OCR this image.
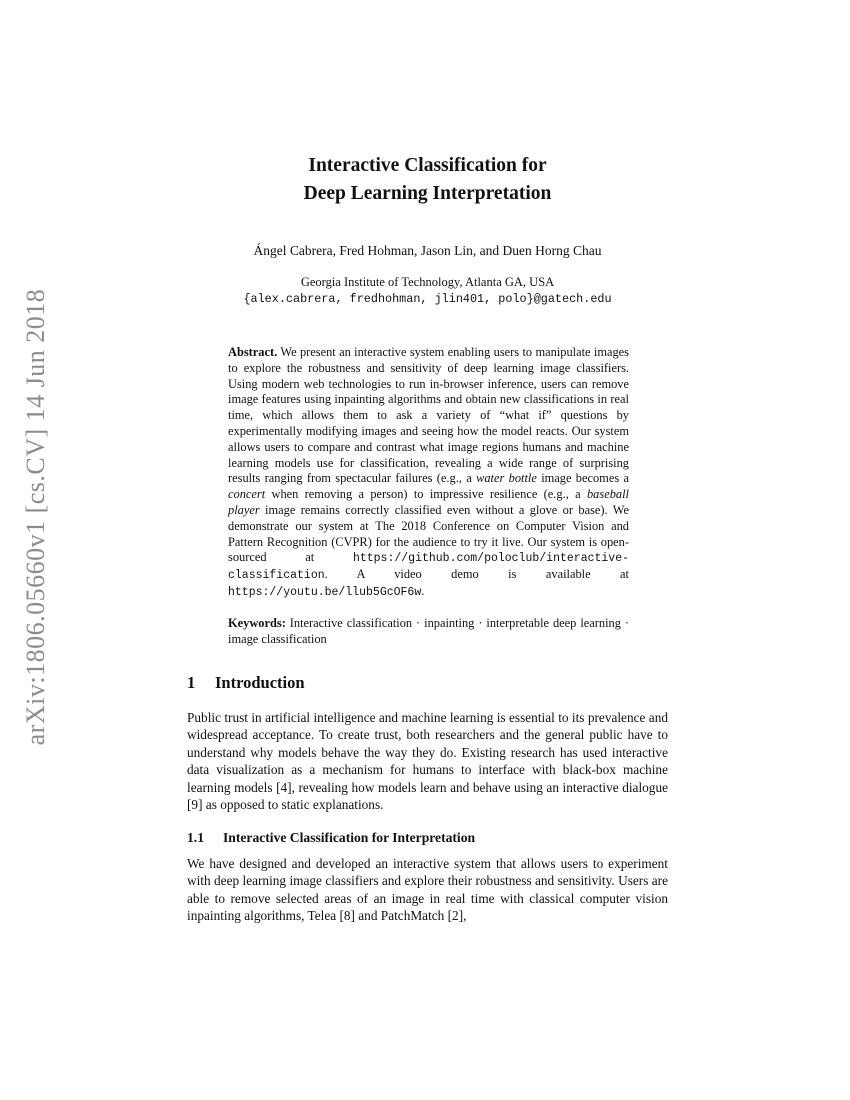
arXiv:1806.05660v1 [cs.CV] 14 Jun 2018
Interactive Classification for
Deep Learning Interpretation
Ángel Cabrera, Fred Hohman, Jason Lin, and Duen Horng Chau
Georgia Institute of Technology, Atlanta GA, USA
{alex.cabrera, fredhohman, jlin401, polo}@gatech.edu
Abstract. We present an interactive system enabling users to manipulate images to explore the robustness and sensitivity of deep learning image classifiers. Using modern web technologies to run in-browser inference, users can remove image features using inpainting algorithms and obtain new classifications in real time, which allows them to ask a variety of “what if” questions by experimentally modifying images and seeing how the model reacts. Our system allows users to compare and contrast what image regions humans and machine learning models use for classification, revealing a wide range of surprising results ranging from spectacular failures (e.g., a water bottle image becomes a concert when removing a person) to impressive resilience (e.g., a baseball player image remains correctly classified even without a glove or base). We demonstrate our system at The 2018 Conference on Computer Vision and Pattern Recognition (CVPR) for the audience to try it live. Our system is open-sourced at	https://github.com/poloclub/interactive-classification. A video demo is available at https://youtu.be/llub5GcOF6w.
Keywords: Interactive classification · inpainting · interpretable deep learning · image classification
1 Introduction
Public trust in artificial intelligence and machine learning is essential to its prevalence and widespread acceptance. To create trust, both researchers and the general public have to understand why models behave the way they do. Existing research has used interactive data visualization as a mechanism for humans to interface with black-box machine learning models [4], revealing how models learn and behave using an interactive dialogue [9] as opposed to static explanations.
1.1 Interactive Classification for Interpretation
We have designed and developed an interactive system that allows users to experiment with deep learning image classifiers and explore their robustness and sensitivity. Users are able to remove selected areas of an image in real time with classical computer vision inpainting algorithms, Telea [8] and PatchMatch [2],
